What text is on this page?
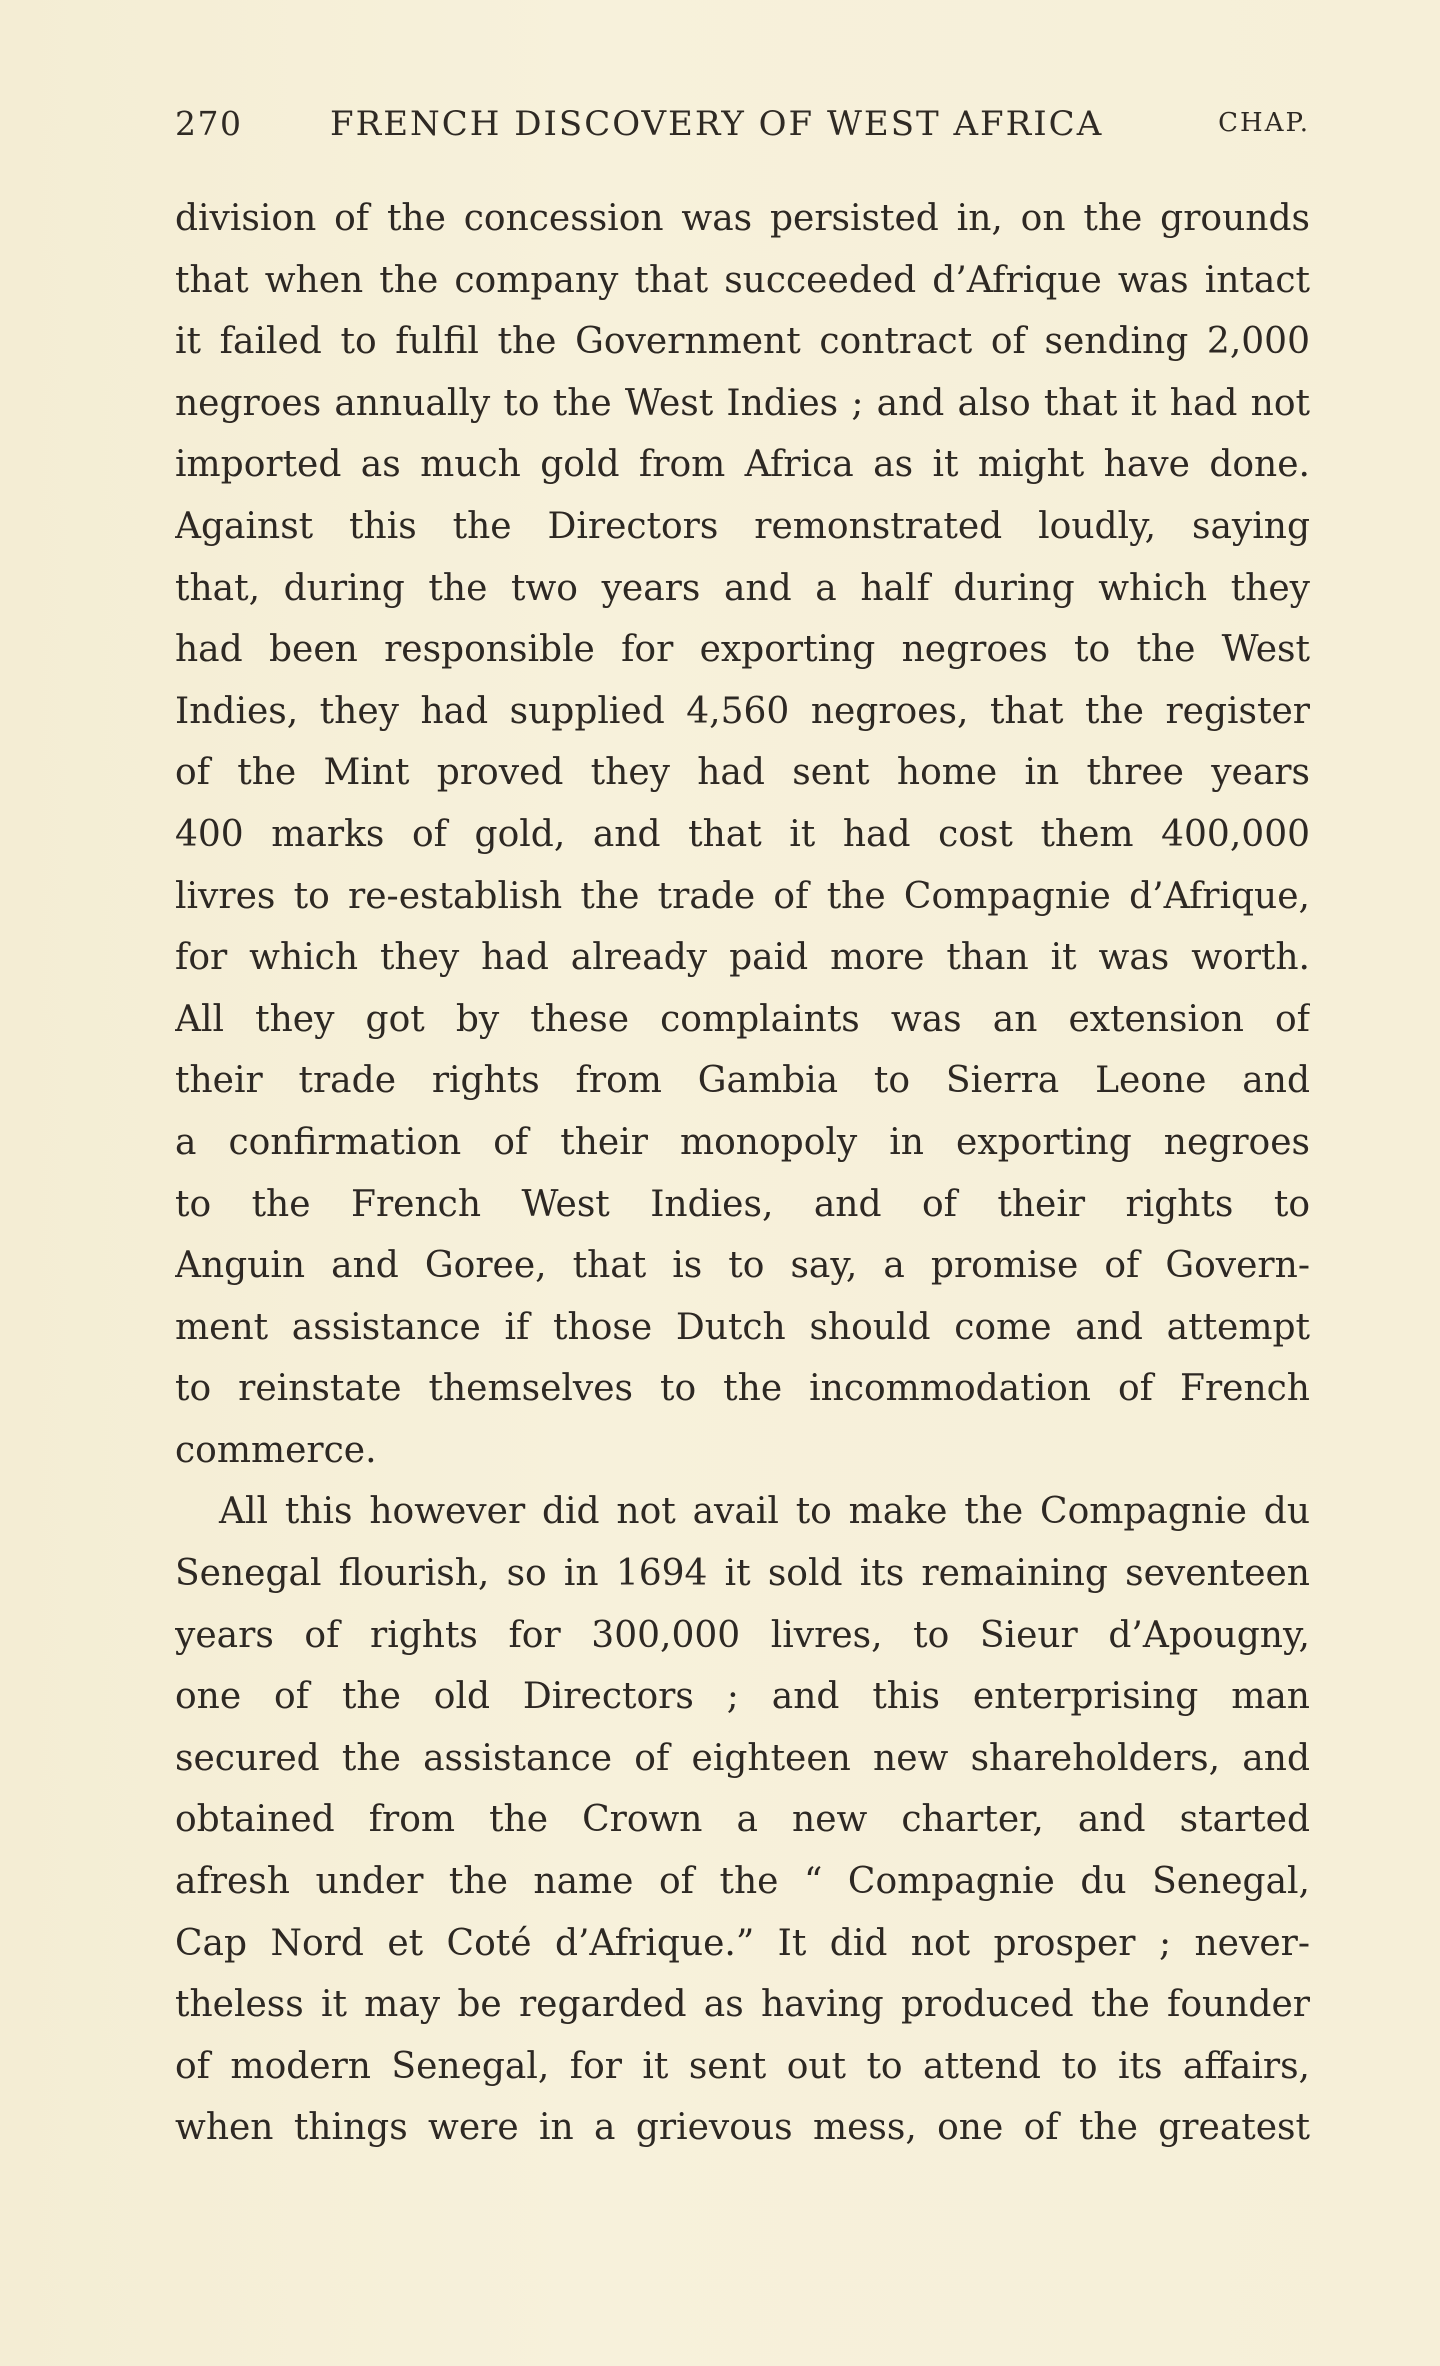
270	FRENCH DISCOVERY OF WEST AFRICA	CHAP.
division of the concession was persisted in, on the grounds
that when the company that succeeded d’Afrique was intact
it failed to fulfil the Government contract of sending 2,000
negroes annually to the West Indies ; and also that it had not
imported as much gold from Africa as it might have done.
Against this the Directors remonstrated loudly, saying
that, during the two years and a half during which they
had been responsible for exporting negroes to the West
Indies, they had supplied 4,560 negroes, that the register
of the Mint proved they had sent home in three years
400 marks of gold, and that it had cost them 400,000
livres to re-establish the trade of the Compagnie d’Afrique,
for which they had already paid more than it was worth.
All they got by these complaints was an extension of
their trade rights from Gambia to Sierra Leone and
a confirmation of their monopoly in exporting negroes
to the French West Indies, and of their rights to
Anguin and Goree, that is to say, a promise of Govern-
ment assistance if those Dutch should come and attempt
to reinstate themselves to the incommodation of French
commerce.
All this however did not avail to make the Compagnie du
Senegal flourish, so in 1694 it sold its remaining seventeen
years of rights for 300,000 livres, to Sieur d’Apougny,
one of the old Directors ; and this enterprising man
secured the assistance of eighteen new shareholders, and
obtained from the Crown a new charter, and started
afresh under the name of the “ Compagnie du Senegal,
Cap Nord et Coté d’Afrique.” It did not prosper ; never-
theless it may be regarded as having produced the founder
of modern Senegal, for it sent out to attend to its affairs,
when things were in a grievous mess, one of the greatest
